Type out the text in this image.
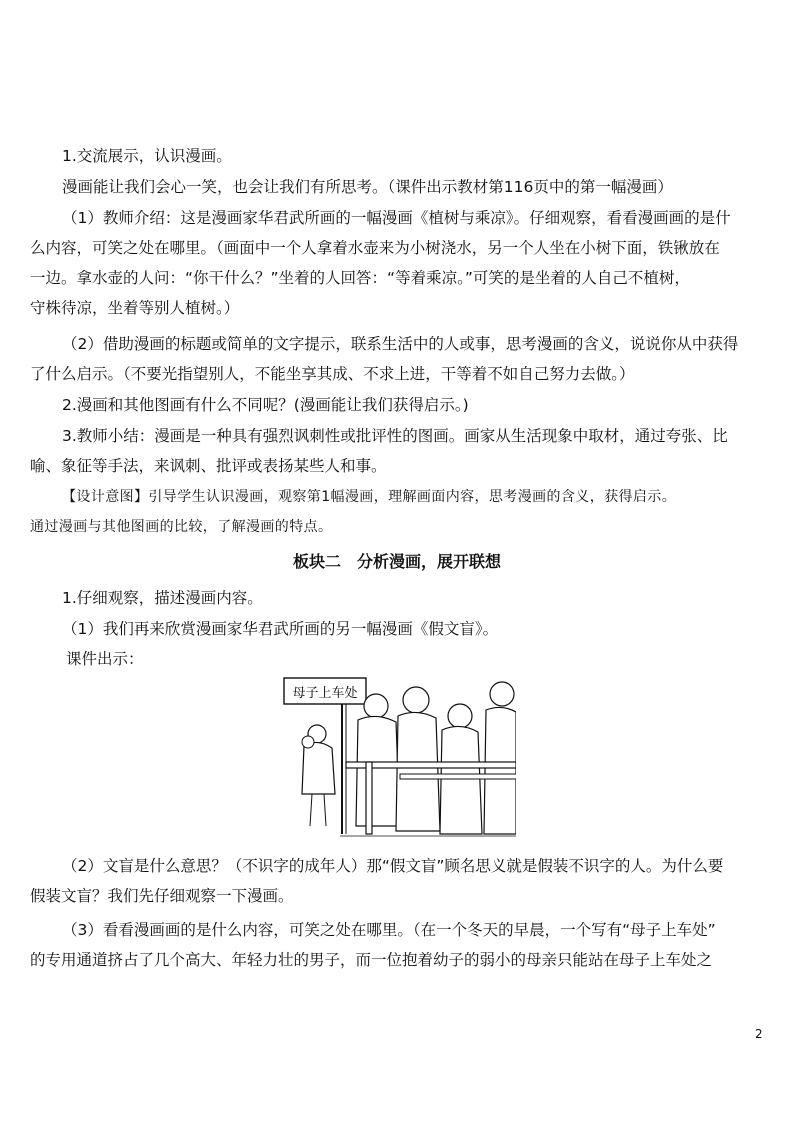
1.交流展示，认识漫画。
漫画能让我们会心一笑，也会让我们有所思考。（课件出示教材第116页中的第一幅漫画）
（1）教师介绍：这是漫画家华君武所画的一幅漫画《植树与乘凉》。仔细观察，看看漫画画的是什
么内容，可笑之处在哪里。（画面中一个人拿着水壶来为小树浇水，另一个人坐在小树下面，铁锹放在
一边。拿水壶的人问：“你干什么？”坐着的人回答：“等着乘凉。”可笑的是坐着的人自己不植树，
守株待凉，坐着等别人植树。）
（2）借助漫画的标题或简单的文字提示，联系生活中的人或事，思考漫画的含义，说说你从中获得
了什么启示。（不要光指望别人，不能坐享其成、不求上进，干等着不如自己努力去做。）
2.漫画和其他图画有什么不同呢？(漫画能让我们获得启示。)
3.教师小结：漫画是一种具有强烈讽刺性或批评性的图画。画家从生活现象中取材，通过夸张、比
喻、象征等手法，来讽刺、批评或表扬某些人和事。
【设计意图】引导学生认识漫画，观察第1幅漫画，理解画面内容，思考漫画的含义，获得启示。
通过漫画与其他图画的比较，了解漫画的特点。
板块二　分析漫画，展开联想
1.仔细观察，描述漫画内容。
（1）我们再来欣赏漫画家华君武所画的另一幅漫画《假文盲》。
课件出示：
母子上车处
（2）文盲是什么意思？（不识字的成年人）那“假文盲”顾名思义就是假装不识字的人。为什么要
假装文盲？我们先仔细观察一下漫画。
（3）看看漫画画的是什么内容，可笑之处在哪里。（在一个冬天的早晨，一个写有“母子上车处”
的专用通道挤占了几个高大、年轻力壮的男子，而一位抱着幼子的弱小的母亲只能站在母子上车处之
2
